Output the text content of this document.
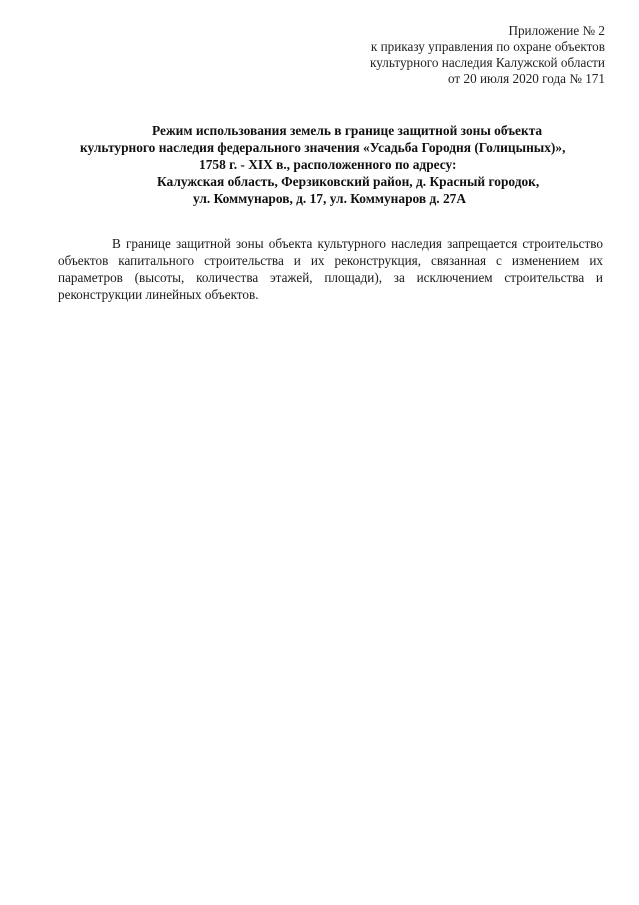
Приложение № 2
к приказу управления по охране объектов
культурного наследия Калужской области
от 20 июля 2020 года № 171
Режим использования земель в границе защитной зоны объекта
культурного наследия федерального значения «Усадьба Городня (Голицыных)»,
1758 г. - XIX в., расположенного по адресу:
Калужская область, Ферзиковский район, д. Красный городок,
ул. Коммунаров, д. 17, ул. Коммунаров д. 27А

В границе защитной зоны объекта культурного наследия запрещается строительство объектов капитального строительства и их реконструкция, связанная с изменением их параметров (высоты, количества этажей, площади), за исключением строительства и реконструкции линейных объектов.
